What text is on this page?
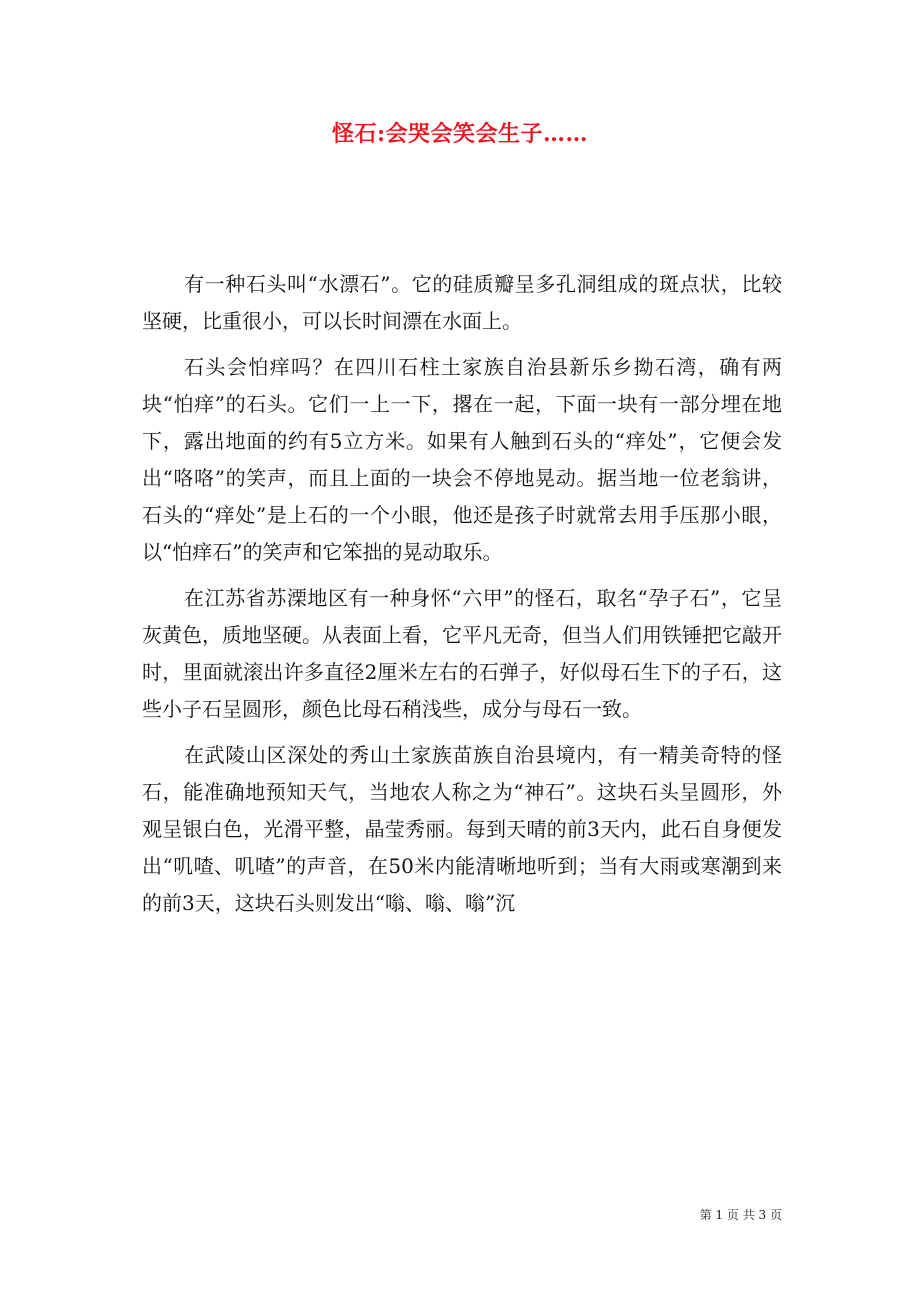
怪石:会哭会笑会生子……

有一种石头叫“水漂石”。它的硅质瓣呈多孔洞组成的斑点状，比较坚硬，比重很小，可以长时间漂在水面上。

石头会怕痒吗？在四川石柱土家族自治县新乐乡拗石湾，确有两块“怕痒”的石头。它们一上一下，撂在一起，下面一块有一部分埋在地下，露出地面的约有5立方米。如果有人触到石头的“痒处”，它便会发出“咯咯”的笑声，而且上面的一块会不停地晃动。据当地一位老翁讲，石头的“痒处”是上石的一个小眼，他还是孩子时就常去用手压那小眼，以“怕痒石”的笑声和它笨拙的晃动取乐。

在江苏省苏溧地区有一种身怀“六甲”的怪石，取名“孕子石”，它呈灰黄色，质地坚硬。从表面上看，它平凡无奇，但当人们用铁锤把它敲开时，里面就滚出许多直径2厘米左右的石弹子，好似母石生下的子石，这些小子石呈圆形，颜色比母石稍浅些，成分与母石一致。

在武陵山区深处的秀山土家族苗族自治县境内，有一精美奇特的怪石，能准确地预知天气，当地农人称之为“神石”。这块石头呈圆形，外观呈银白色，光滑平整，晶莹秀丽。每到天晴的前3天内，此石自身便发出“叽喳、叽喳”的声音，在50米内能清晰地听到；当有大雨或寒潮到来的前3天，这块石头则发出“嗡、嗡、嗡”沉

第 1 页 共 3 页
